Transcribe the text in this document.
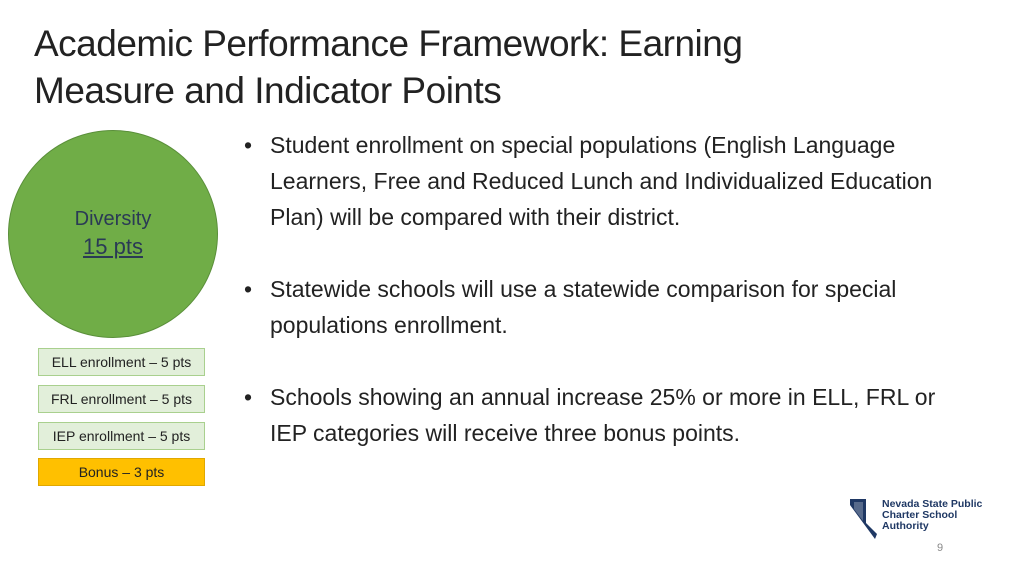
Academic Performance Framework: Earning
Measure and Indicator Points
Diversity
15 pts
ELL enrollment – 5 pts
FRL enrollment – 5 pts
IEP enrollment – 5 pts
Bonus – 3 pts
• Student enrollment on special populations (English Language Learners, Free and Reduced Lunch and Individualized Education Plan) will be compared with their district.
• Statewide schools will use a statewide comparison for special populations enrollment.
• Schools showing an annual increase 25% or more in ELL, FRL or IEP categories will receive three bonus points.
Nevada State Public
Charter School
Authority
9
